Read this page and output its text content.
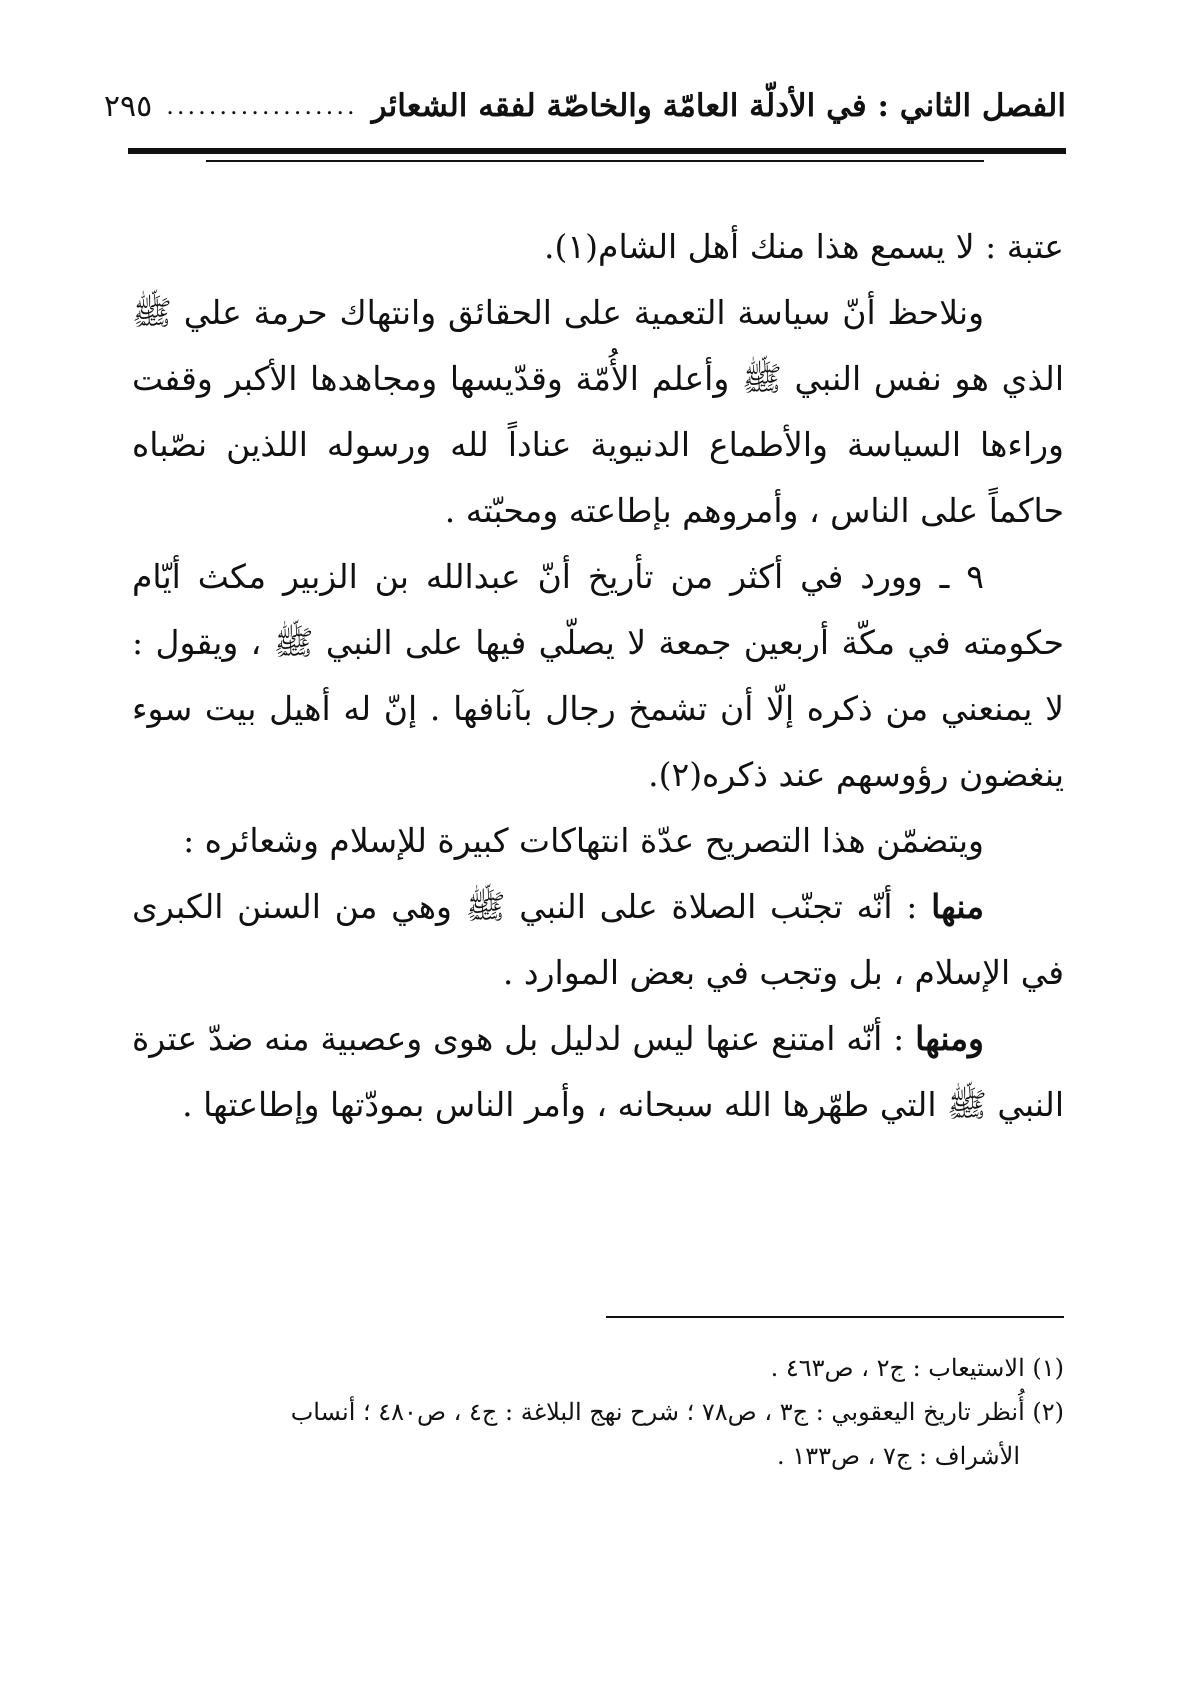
الفصل الثاني : في الأدلّة العامّة والخاصّة لفقه الشعائر
..................
٢٩٥

عتبة : لا يسمع هذا منك أهل الشام(١).

ونلاحظ أنّ سياسة التعمية على الحقائق وانتهاك حرمة علي ﷺ الذي هو نفس النبي ﷺ وأعلم الأُمّة وقدّيسها ومجاهدها الأكبر وقفت وراءها السياسة والأطماع الدنيوية عناداً لله ورسوله اللذين نصّباه حاكماً على الناس ، وأمروهم بإطاعته ومحبّته .

٩ ـ وورد في أكثر من تأريخ أنّ عبدالله بن الزبير مكث أيّام حكومته في مكّة أربعين جمعة لا يصلّي فيها على النبي ﷺ ، ويقول : لا يمنعني من ذكره إلّا أن تشمخ رجال بآنافها . إنّ له أهيل بيت سوء ينغضون رؤوسهم عند ذكره(٢).

ويتضمّن هذا التصريح عدّة انتهاكات كبيرة للإسلام وشعائره :

منها : أنّه تجنّب الصلاة على النبي ﷺ وهي من السنن الكبرى في الإسلام ، بل وتجب في بعض الموارد .

ومنها : أنّه امتنع عنها ليس لدليل بل هوى وعصبية منه ضدّ عترة النبي ﷺ التي طهّرها الله سبحانه ، وأمر الناس بمودّتها وإطاعتها .

(١) الاستيعاب : ج٢ ، ص٤٦٣ .

(٢) أُنظر تاريخ اليعقوبي : ج٣ ، ص٧٨ ؛ شرح نهج البلاغة : ج٤ ، ص٤٨٠ ؛ أنساب

الأشراف : ج٧ ، ص١٣٣ .
